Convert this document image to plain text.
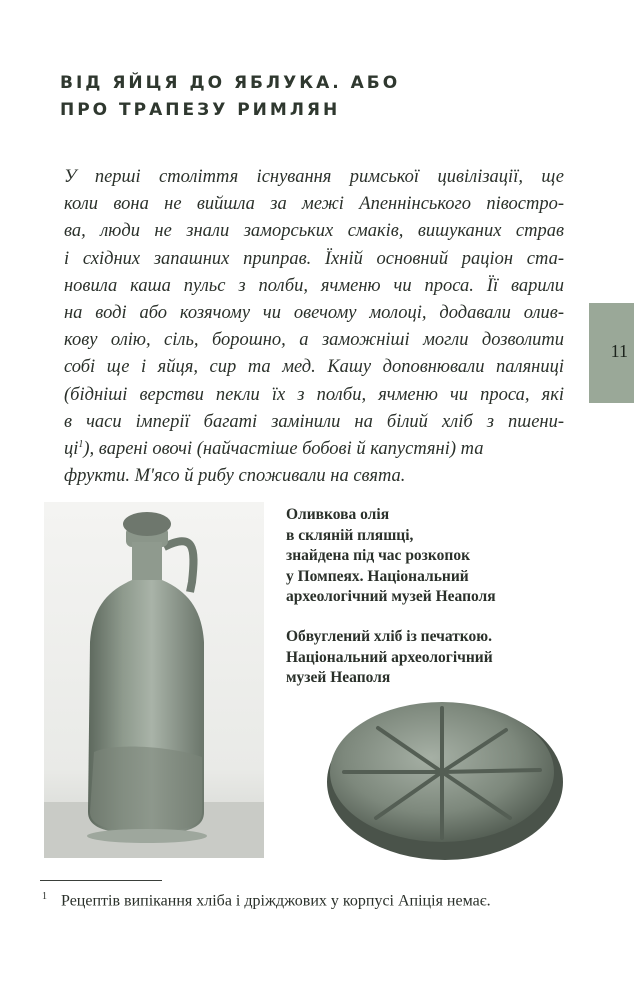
ВІД ЯЙЦЯ ДО ЯБЛУКА. АБО
ПРО ТРАПЕЗУ РИМЛЯН
У перші століття існування римської цивілізації, ще
коли вона не вийшла за межі Апеннінського півостро-
ва, люди не знали заморських смаків, вишуканих страв
і східних запашних приправ. Їхній основний раціон ста-
новила каша пульс з полби, ячменю чи проса. Її варили
на воді або козячому чи овечому молоці, додавали олив-
кову олію, сіль, борошно, а заможніші могли дозволити
собі ще і яйця, сир та мед. Кашу доповнювали паляниці
(бідніші верстви пекли їх з полби, ячменю чи проса, які
в часи імперії багаті замінили на білий хліб з пшени-
$ці^1$), варені овочі (найчастіше бобові й капустяні) та
фрукти. М'ясо й рибу споживали на свята.
11
Оливкова олія
в скляній пляшці,
знайдена під час розкопок
у Помпеях. Національний
археологічний музей Неаполя
Обвуглений хліб із печаткою.
Національний археологічний
музей Неаполя
$^1$ Рецептів випікання хліба і дріжджових у корпусі Апіція немає.
